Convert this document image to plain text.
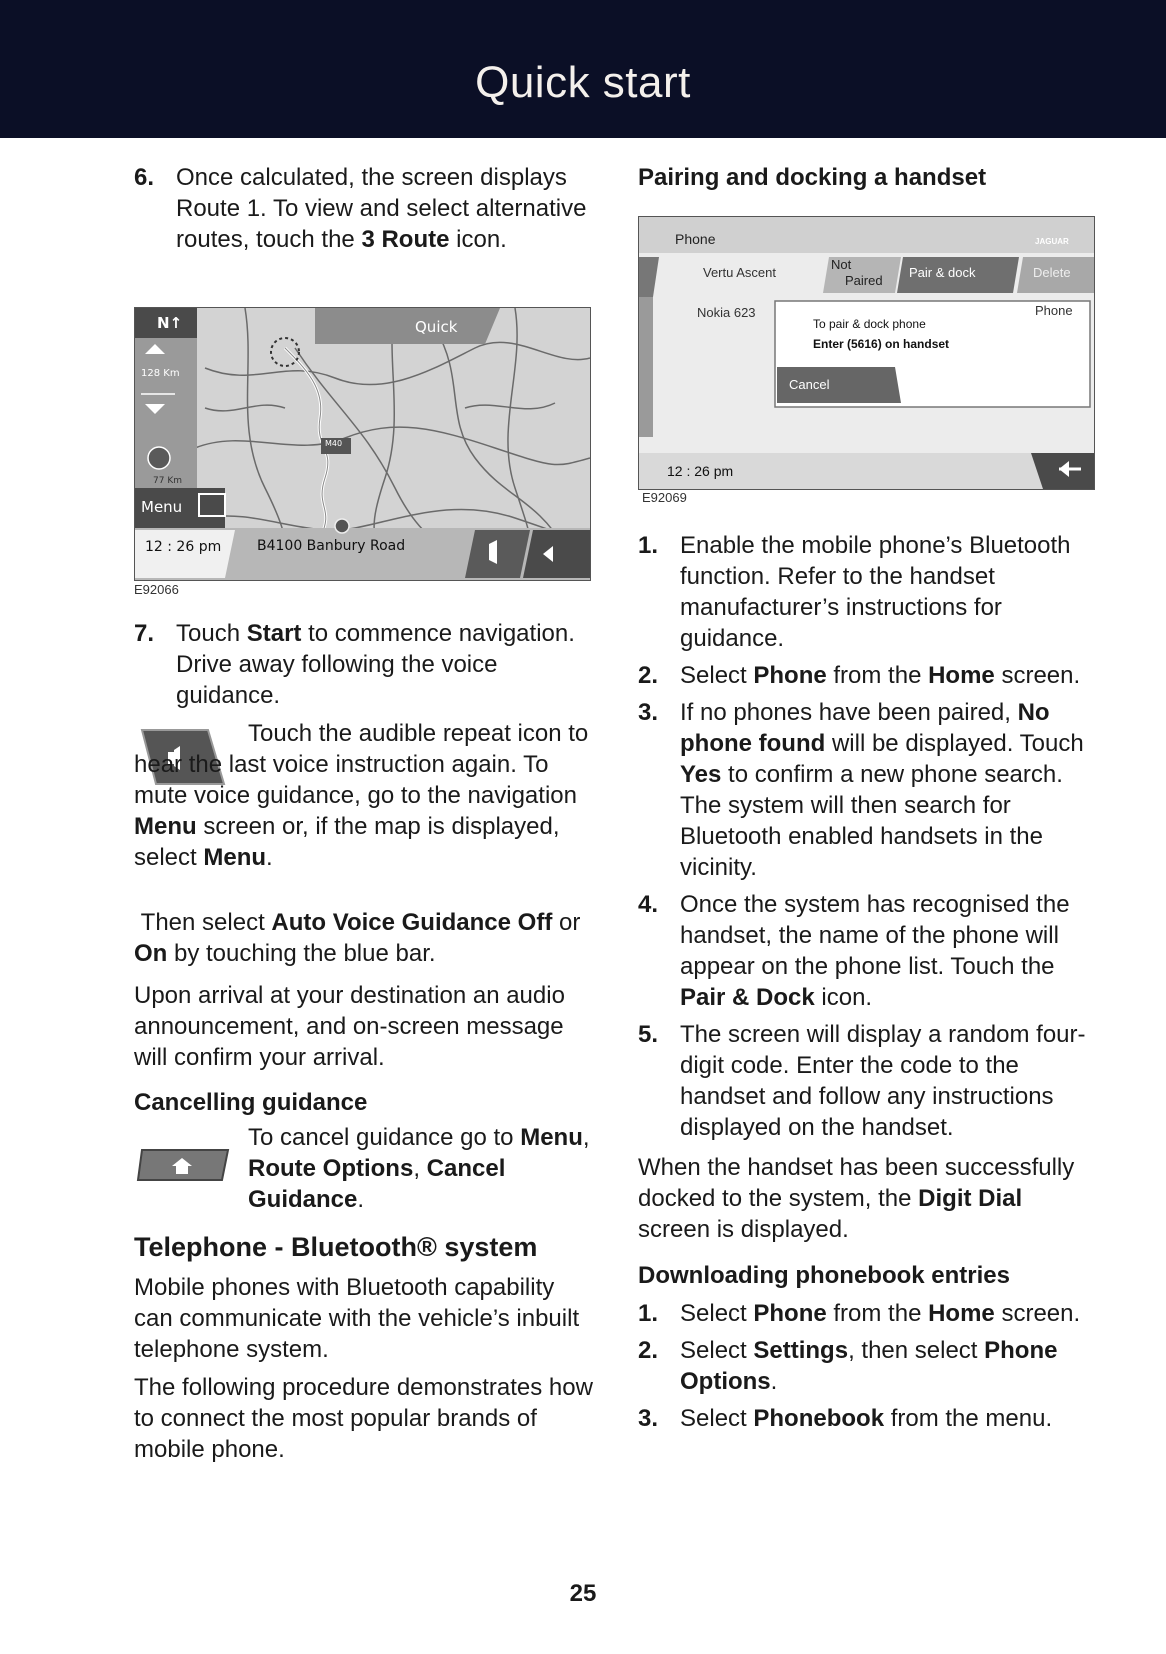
Quick start
6. Once calculated, the screen displays Route 1. To view and select alternative routes, touch the 3 Route icon.
N↑	Quick
128 Km
77 Km
Menu
12 : 26 pm	B4100 Banbury Road
M40
E92066
7. Touch Start to commence navigation. Drive away following the voice guidance.

Touch the audible repeat icon to hear the last voice instruction again. To mute voice guidance, go to the navigation Menu screen or, if the map is displayed, select Menu.

Then select Auto Voice Guidance Off or On by touching the blue bar.

Upon arrival at your destination an audio announcement, and on-screen message will confirm your arrival.
Cancelling guidance

To cancel guidance go to Menu, Route Options, Cancel Guidance.

Telephone - Bluetooth® system
Mobile phones with Bluetooth capability can communicate with the vehicle’s inbuilt telephone system.
The following procedure demonstrates how to connect the most popular brands of mobile phone.
Pairing and docking a handset
Phone	JAGUAR
Vertu Ascent
Not
Paired
Pair & dock	Delete
Nokia 623	Phone
To pair & dock phone
Enter (5616) on handset
Cancel
12 : 26 pm
E92069
1. Enable the mobile phone’s Bluetooth function. Refer to the handset manufacturer’s instructions for guidance.
2. Select Phone from the Home screen.
3. If no phones have been paired, No phone found will be displayed. Touch Yes to confirm a new phone search. The system will then search for Bluetooth enabled handsets in the vicinity.
4. Once the system has recognised the handset, the name of the phone will appear on the phone list. Touch the Pair & Dock icon.
5. The screen will display a random four-digit code. Enter the code to the handset and follow any instructions displayed on the handset.

When the handset has been successfully docked to the system, the Digit Dial screen is displayed.

Downloading phonebook entries
1. Select Phone from the Home screen.
2. Select Settings, then select Phone Options.
3. Select Phonebook from the menu.
25
